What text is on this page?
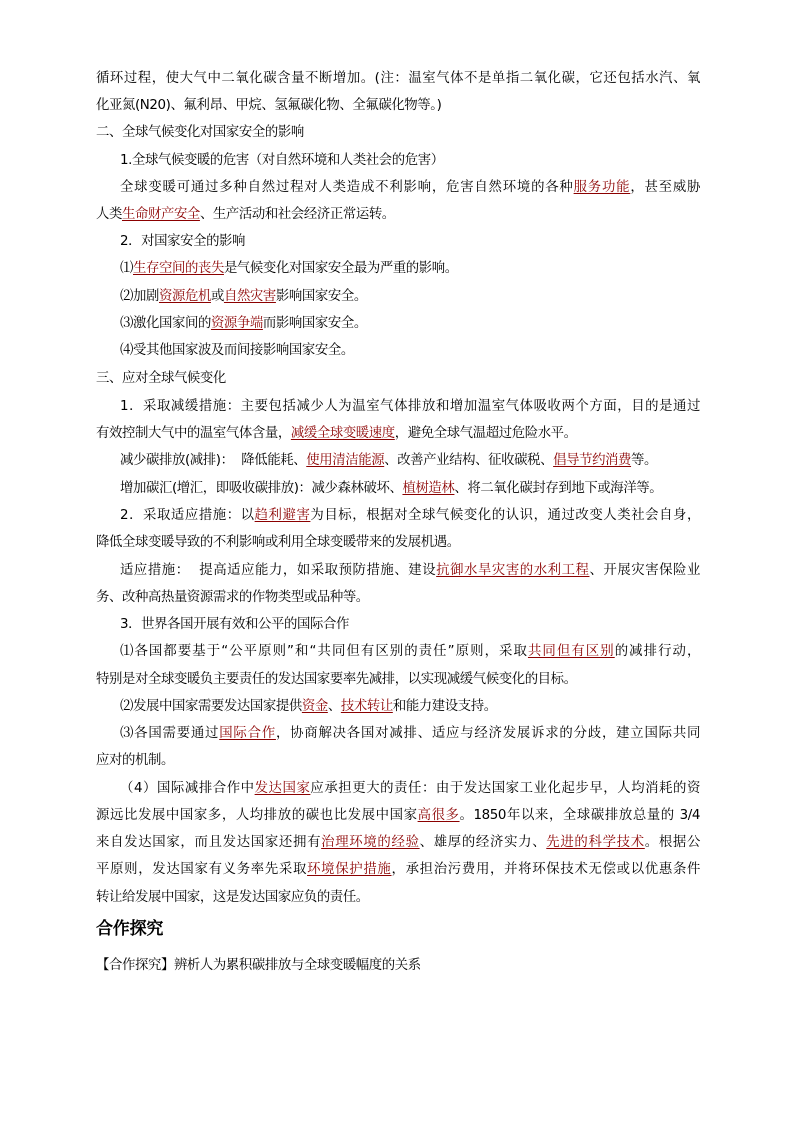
循环过程，使大气中二氧化碳含量不断增加。(注：温室气体不是单指二氧化碳，它还包括水汽、氧
化亚氮(N20)、氟利昂、甲烷、氢氟碳化物、全氟碳化物等。)
二、全球气候变化对国家安全的影响
1.全球气候变暖的危害（对自然环境和人类社会的危害）
全球变暖可通过多种自然过程对人类造成不利影响，危害自然环境的各种服务功能，甚至威胁
人类生命财产安全、生产活动和社会经济正常运转。
2．对国家安全的影响
⑴生存空间的丧失是气候变化对国家安全最为严重的影响。
⑵加剧资源危机或自然灾害影响国家安全。
⑶激化国家间的资源争端而影响国家安全。
⑷受其他国家波及而间接影响国家安全。
三、应对全球气候变化
1．采取减缓措施：主要包括减少人为温室气体排放和增加温室气体吸收两个方面，目的是通过
有效控制大气中的温室气体含量，减缓全球变暖速度，避免全球气温超过危险水平。
减少碳排放(减排)：  降低能耗、使用清洁能源、改善产业结构、征收碳税、倡导节约消费等。
增加碳汇(增汇，即吸收碳排放)：减少森林破坏、植树造林、将二氧化碳封存到地下或海洋等。
2．采取适应措施：以趋利避害为目标，根据对全球气候变化的认识，通过改变人类社会自身，
降低全球变暖导致的不利影响或利用全球变暖带来的发展机遇。
适应措施：  提高适应能力，如采取预防措施、建设抗御水旱灾害的水利工程、开展灾害保险业
务、改种高热量资源需求的作物类型或品种等。
3．世界各国开展有效和公平的国际合作
⑴各国都要基于“公平原则”和“共同但有区别的责任”原则，采取共同但有区别的减排行动，
特别是对全球变暖负主要责任的发达国家要率先减排，以实现减缓气候变化的目标。
⑵发展中国家需要发达国家提供资金、技术转让和能力建设支持。
⑶各国需要通过国际合作，协商解决各国对减排、适应与经济发展诉求的分歧，建立国际共同
应对的机制。
（4）国际减排合作中发达国家应承担更大的责任：由于发达国家工业化起步早，人均消耗的资
源远比发展中国家多，人均排放的碳也比发展中国家高很多。1850年以来，全球碳排放总量的 3/4
来自发达国家，而且发达国家还拥有治理环境的经验、雄厚的经济实力、先进的科学技术。根据公
平原则，发达国家有义务率先采取环境保护措施，承担治污费用，并将环保技术无偿或以优惠条件
转让给发展中国家，这是发达国家应负的责任。
合作探究
【合作探究】辨析人为累积碳排放与全球变暖幅度的关系
